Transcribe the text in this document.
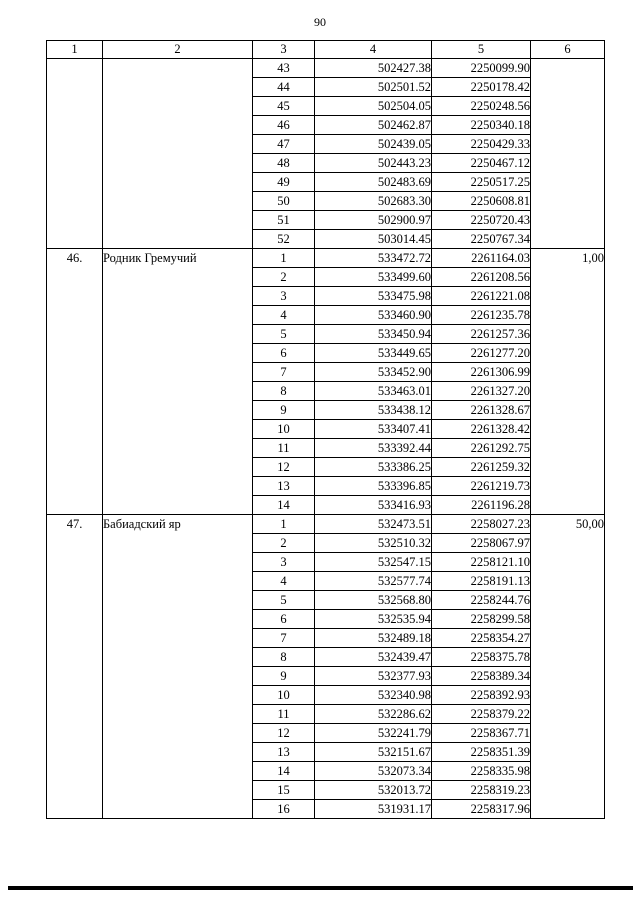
90
1	2	3	4	5	6
		43	502427.38	2250099.90	
		44	502501.52	2250178.42	
		45	502504.05	2250248.56	
		46	502462.87	2250340.18	
		47	502439.05	2250429.33	
		48	502443.23	2250467.12	
		49	502483.69	2250517.25	
		50	502683.30	2250608.81	
		51	502900.97	2250720.43	
		52	503014.45	2250767.34	
46.	Родник Гремучий	1	533472.72	2261164.03	1,00
		2	533499.60	2261208.56	
		3	533475.98	2261221.08	
		4	533460.90	2261235.78	
		5	533450.94	2261257.36	
		6	533449.65	2261277.20	
		7	533452.90	2261306.99	
		8	533463.01	2261327.20	
		9	533438.12	2261328.67	
		10	533407.41	2261328.42	
		11	533392.44	2261292.75	
		12	533386.25	2261259.32	
		13	533396.85	2261219.73	
		14	533416.93	2261196.28	
47.	Бабиадский яр	1	532473.51	2258027.23	50,00
		2	532510.32	2258067.97	
		3	532547.15	2258121.10	
		4	532577.74	2258191.13	
		5	532568.80	2258244.76	
		6	532535.94	2258299.58	
		7	532489.18	2258354.27	
		8	532439.47	2258375.78	
		9	532377.93	2258389.34	
		10	532340.98	2258392.93	
		11	532286.62	2258379.22	
		12	532241.79	2258367.71	
		13	532151.67	2258351.39	
		14	532073.34	2258335.98	
		15	532013.72	2258319.23	
		16	531931.17	2258317.96	
